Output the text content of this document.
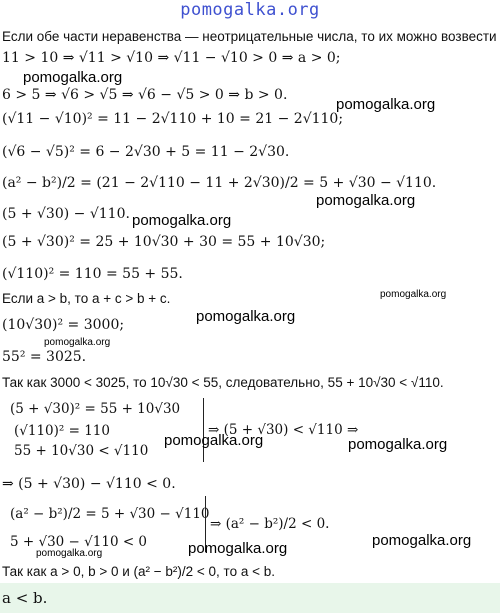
pomogalka.org
Если обе части неравенства — неотрицательные числа, то их можно возвести
11 > 10 ⇒ √11 > √10 ⇒ √11 − √10 > 0 ⇒ a > 0;
6 > 5 ⇒ √6 > √5 ⇒ √6 − √5 > 0 ⇒ b > 0.
(√11 − √10)² = 11 − 2√110 + 10 = 21 − 2√110;
(√6 − √5)² = 6 − 2√30 + 5 = 11 − 2√30.
(a² − b²)/2 = (21 − 2√110 − 11 + 2√30)/2 = 5 + √30 − √110.
(5 + √30) − √110.
(5 + √30)² = 25 + 10√30 + 30 = 55 + 10√30;
(√110)² = 110 = 55 + 55.
Если a > b, то a + c > b + c.
(10√30)² = 3000;
55² = 3025.
Так как 3000 < 3025, то 10√30 < 55, следовательно, 55 + 10√30 < √110.
(5 + √30)² = 55 + 10√30
(√110)² = 110
55 + 10√30 < √110
⇒ (5 + √30) < √110 ⇒
⇒ (5 + √30) − √110 < 0.
(a² − b²)/2 = 5 + √30 − √110
5 + √30 − √110 < 0
⇒ (a² − b²)/2 < 0.
Так как a > 0, b > 0 и (a² − b²)/2 < 0, то a < b.
a < b.
pomogalka.org
pomogalka.org
pomogalka.org
pomogalka.org
pomogalka.org
pomogalka.org
pomogalka.org
pomogalka.org	pomogalka.org
pomogalka.org
pomogalka.org
pomogalka.org
